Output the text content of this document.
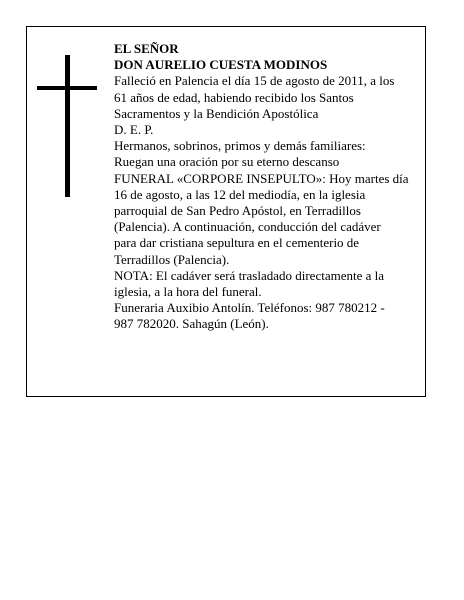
EL SEÑOR
DON AURELIO CUESTA MODINOS
Falleció en Palencia el día 15 de agosto de 2011, a los
61 años de edad, habiendo recibido los Santos
Sacramentos y la Bendición Apostólica
D. E. P.
Hermanos, sobrinos, primos y demás familiares:
Ruegan una oración por su eterno descanso
FUNERAL «CORPORE INSEPULTO»: Hoy martes día
16 de agosto, a las 12 del mediodía, en la iglesia
parroquial de San Pedro Apóstol, en Terradillos
(Palencia). A continuación, conducción del cadáver
para dar cristiana sepultura en el cementerio de
Terradillos (Palencia).
NOTA: El cadáver será trasladado directamente a la
iglesia, a la hora del funeral.
Funeraria Auxibio Antolín. Teléfonos: 987 780212 -
987 782020. Sahagún (León).
